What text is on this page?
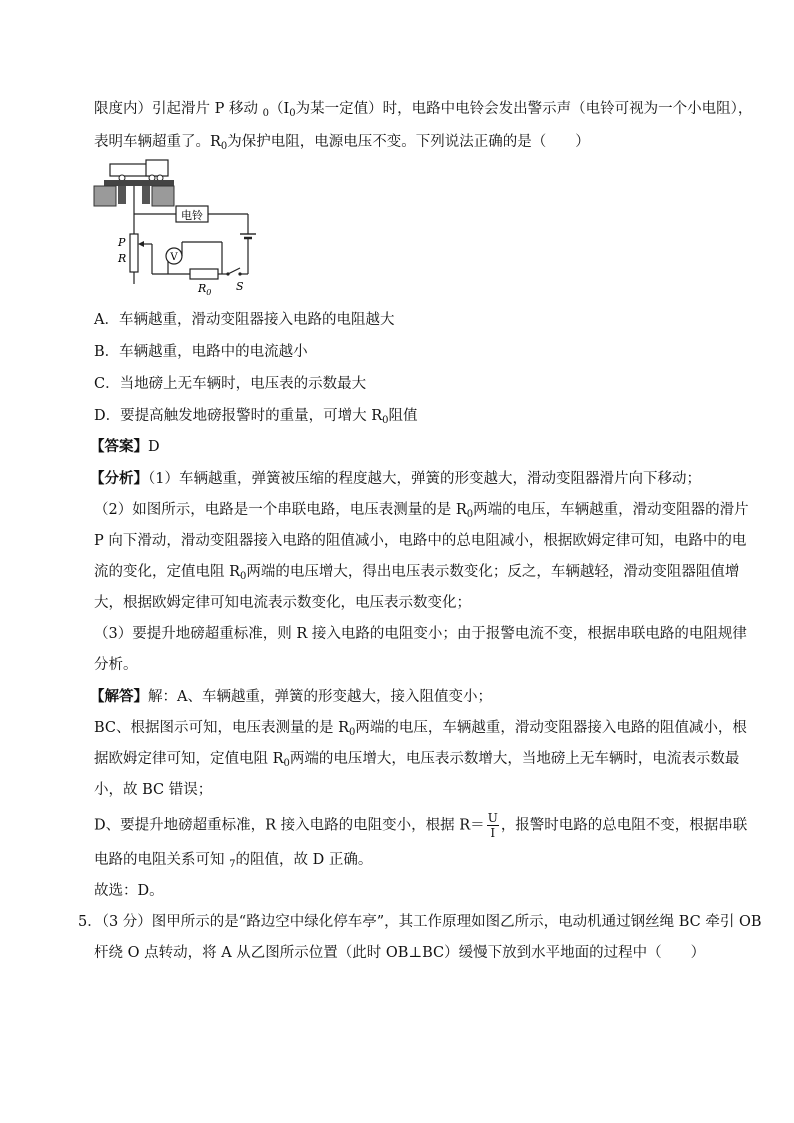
限度内）引起滑片 P 移动 $_0(I_0$为某一定值）时，电路中电铃会发出警示声（电铃可视为一个小电阻），
表明车辆超重了。$R_0$为保护电阻，电源电压不变。下列说法正确的是（　　）
电铃
P
R	V
S
$R_0$
A．车辆越重，滑动变阻器接入电路的电阻越大
B．车辆越重，电路中的电流越小
C．当地磅上无车辆时，电压表的示数最大
D．要提高触发地磅报警时的重量，可增大 $R_0$阻值
【答案】D
【分析】（1）车辆越重，弹簧被压缩的程度越大，弹簧的形变越大，滑动变阻器滑片向下移动；
（2）如图所示，电路是一个串联电路，电压表测量的是 $R_0$两端的电压，车辆越重，滑动变阻器的滑片
P 向下滑动，滑动变阻器接入电路的阻值减小，电路中的总电阻减小，根据欧姆定律可知，电路中的电
流的变化，定值电阻 $R_0$两端的电压增大，得出电压表示数变化；反之，车辆越轻，滑动变阻器阻值增
大，根据欧姆定律可知电流表示数变化，电压表示数变化；
（3）要提升地磅超重标准，则 R 接入电路的电阻变小；由于报警电流不变，根据串联电路的电阻规律
分析。
【解答】解：A、车辆越重，弹簧的形变越大，接入阻值变小；
BC、根据图示可知，电压表测量的是 $R_0$两端的电压，车辆越重，滑动变阻器接入电路的阻值减小，根
据欧姆定律可知，定值电阻 $R_0$两端的电压增大，电压表示数增大，当地磅上无车辆时，电流表示数最
小，故 BC 错误；
D、要提升地磅超重标准，R 接入电路的电阻变小，根据 $R= \frac{U}{I}$ ，报警时电路的总电阻不变，根据串联
电路的电阻关系可知 $_7$的阻值，故 D 正确。
故选：D。
5．（3 分）图甲所示的是“路边空中绿化停车亭”，其工作原理如图乙所示，电动机通过钢丝绳 BC 牵引 OB
杆绕 O 点转动，将 A 从乙图所示位置（此时 OB⊥BC）缓慢下放到水平地面的过程中（　　）
